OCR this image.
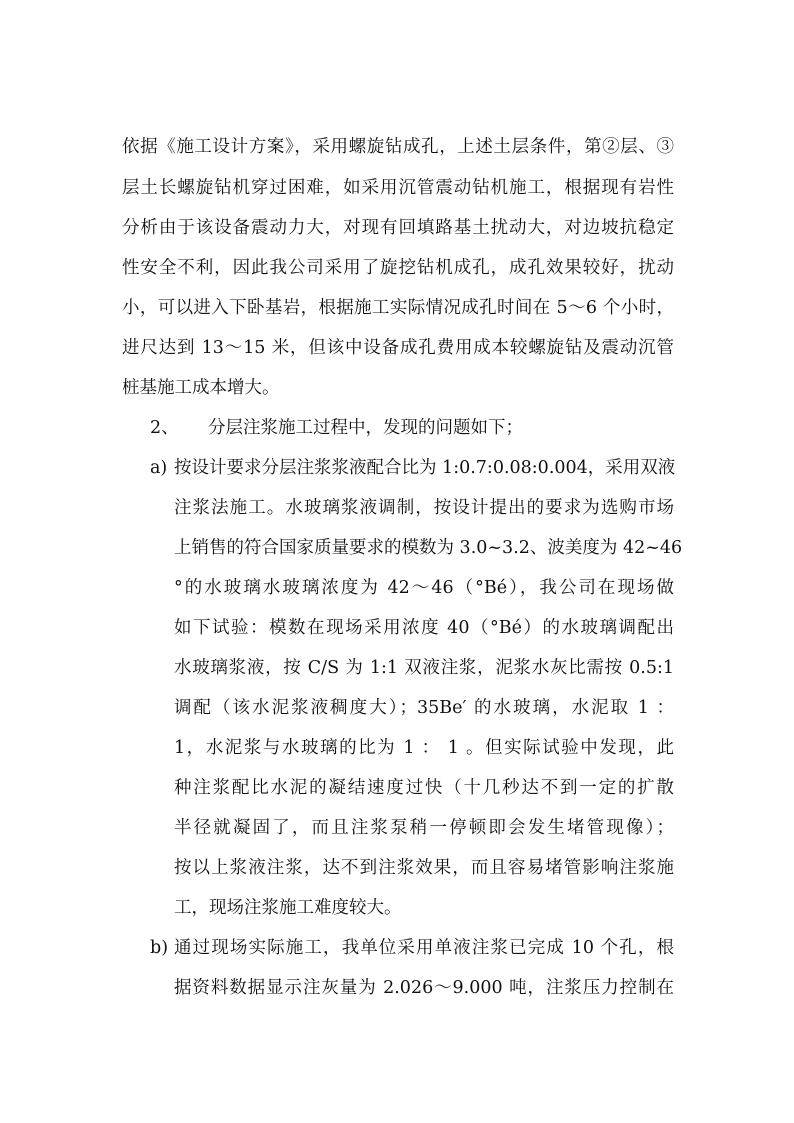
依据《施工设计方案》，采用螺旋钻成孔，上述土层条件，第②层、③
层土长螺旋钻机穿过困难，如采用沉管震动钻机施工，根据现有岩性
分析由于该设备震动力大，对现有回填路基土扰动大，对边坡抗稳定
性安全不利，因此我公司采用了旋挖钻机成孔，成孔效果较好，扰动
小，可以进入下卧基岩，根据施工实际情况成孔时间在 5～6 个小时，
进尺达到 13～15 米，但该中设备成孔费用成本较螺旋钻及震动沉管
桩基施工成本增大。
2、 分层注浆施工过程中，发现的问题如下；
a) 按设计要求分层注浆浆液配合比为 1:0.7:0.08:0.004，采用双液
注浆法施工。水玻璃浆液调制，按设计提出的要求为选购市场
上销售的符合国家质量要求的模数为 3.0~3.2、波美度为 42~46
°的水玻璃水玻璃浓度为 42～46（°Bé），我公司在现场做
如下试验：模数在现场采用浓度 40（°Bé）的水玻璃调配出
水玻璃浆液，按 C/S 为 1:1 双液注浆，泥浆水灰比需按 0.5:1
调配（该水泥浆液稠度大）；35Be′ 的水玻璃，水泥取 1 ：
1，水泥浆与水玻璃的比为 1 ： 1 。但实际试验中发现，此
种注浆配比水泥的凝结速度过快（十几秒达不到一定的扩散
半径就凝固了，而且注浆泵稍一停顿即会发生堵管现像）；
按以上浆液注浆，达不到注浆效果，而且容易堵管影响注浆施
工，现场注浆施工难度较大。
b) 通过现场实际施工，我单位采用单液注浆已完成 10 个孔，根
据资料数据显示注灰量为 2.026～9.000 吨，注浆压力控制在
